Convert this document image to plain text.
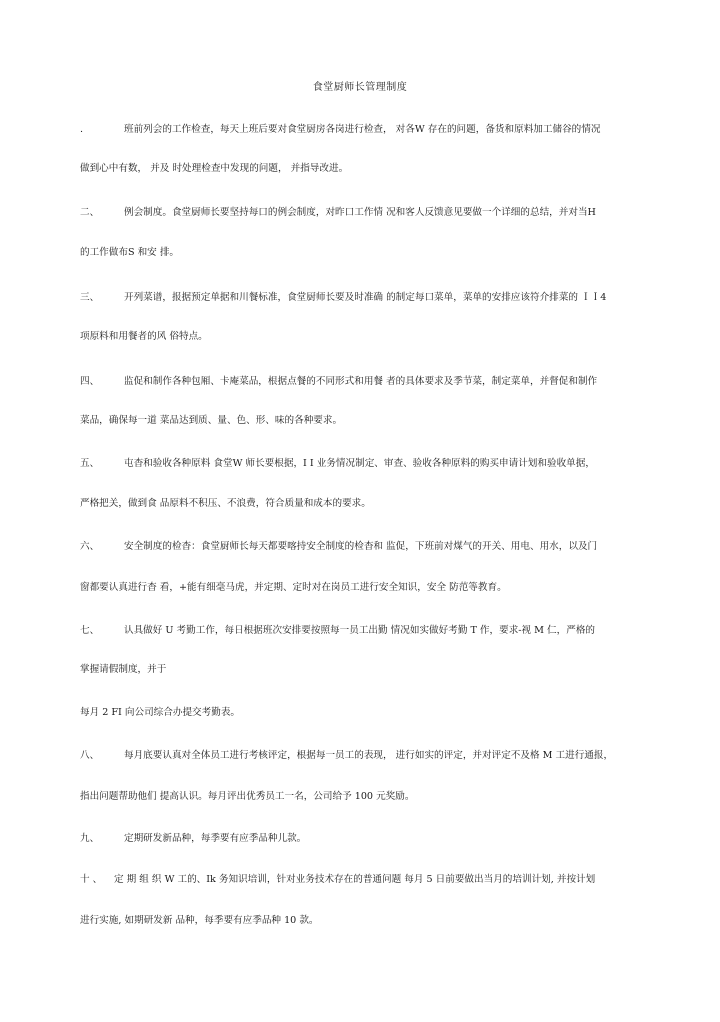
食堂厨师长管理制度
.	班前列会的工作检查，每天上班后要对食堂厨房各岗进行检查， 对各W 存在的问题，备货和原料加工储谷的情况
做到心中有数， 并及 时处理检查中发现的问题， 并指导改进。
二、	例会制度。食堂厨师长要坚持每口的例会制度，对昨口工作情 况和客人反馈意见要做一个详细的总结，并对当H
的工作做布S 和安 排。
三、	开列菜谱，报据预定单据和川餐标准，食堂厨师长要及时准确 的制定每口菜单，菜单的安排应该符介排菜的 ＩＩ4
项原料和用餐者的风 俗特点。
四、	监促和制作各种包厢、卡庵菜品，根据点餐的不同形式和用餐 者的具体要求及季节菜，制定菜单，并督促和制作
菜品，确保每一道 菜品达到质、量、色、形、味的各种要求。
五、	屯杳和验收各种原料 食堂W 师长要根据，I I 业务情况制定、审查、验收各种原料的购买申请计划和验收单据，
严格把关，做到食 品原料不积压、不浪费，符合质量和成本的要求。
六、	安全制度的检杳：食堂厨师长每天都要喀持安全制度的检杳和 监促，下班前对煤气的开关、用电、用水，以及门
窗都要认真进行杳 看，+能有细毫马虎，并定期、定时对在岗员工进行安全知识，安全 防范等教育。
七、	认具做好 U 考勤工作，每日根据班次安排要按照每一员工出勤 情况如实做好考勤 T 作，要求-视 M 仁，严格的
掌握请假制度，并于
每月 2 FI 向公司综合办提交考勤表。
八、	每月底要认真对全体员工进行考核评定，根据每一员工的表现， 进行如实的评定，并对评定不及格 M 工进行通报，
指出问题帮助他们 提高认识。每月评出优秀员工一名，公司给予 100 元奖励。
九、	定期研发新品种，每季要有应季品种儿款。
十 、 定 期 组 织 W 工的、Ik 务知识培训，针对业务技术存在的普通问题 每月 5 日前要做出当月的培训计划, 并按计划
进行实施, 如期研发新 品种，每季要有应季品种 10 款。
